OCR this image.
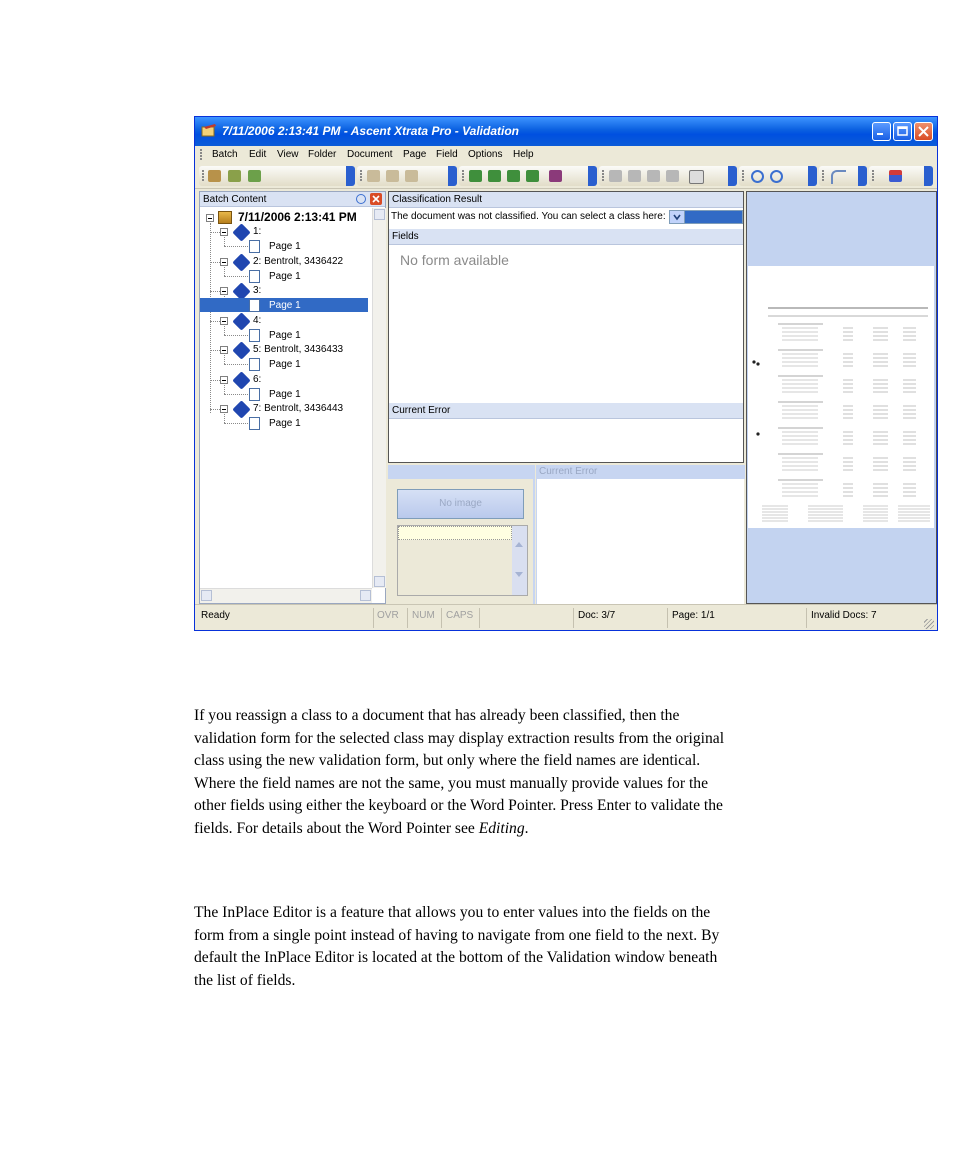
7/11/2006 2:13:41 PM - Ascent Xtrata Pro - Validation
Batch Edit View Folder Document Page Field Options Help
Batch Content
7/11/2006 2:13:41 PM
1:
Page 1
2: Bentrolt, 3436422
Page 1
3:
Page 1
4:
Page 1
5: Bentrolt, 3436433
Page 1
6:
Page 1
7: Bentrolt, 3436443
Page 1
Classification Result
The document was not classified. You can select a class here:
Fields
No form available
Current Error
No image
Current Error
Ready	OVR NUM CAPS	Doc: 3/7	Page: 1/1	Invalid Docs: 7

If you reassign a class to a document that has already been classified, then the
validation form for the selected class may display extraction results from the original
class using the new validation form, but only where the field names are identical.
Where the field names are not the same, you must manually provide values for the
other fields using either the keyboard or the Word Pointer. Press Enter to validate the
fields. For details about the Word Pointer see Editing.

The InPlace Editor is a feature that allows you to enter values into the fields on the
form from a single point instead of having to navigate from one field to the next. By
default the InPlace Editor is located at the bottom of the Validation window beneath
the list of fields.
